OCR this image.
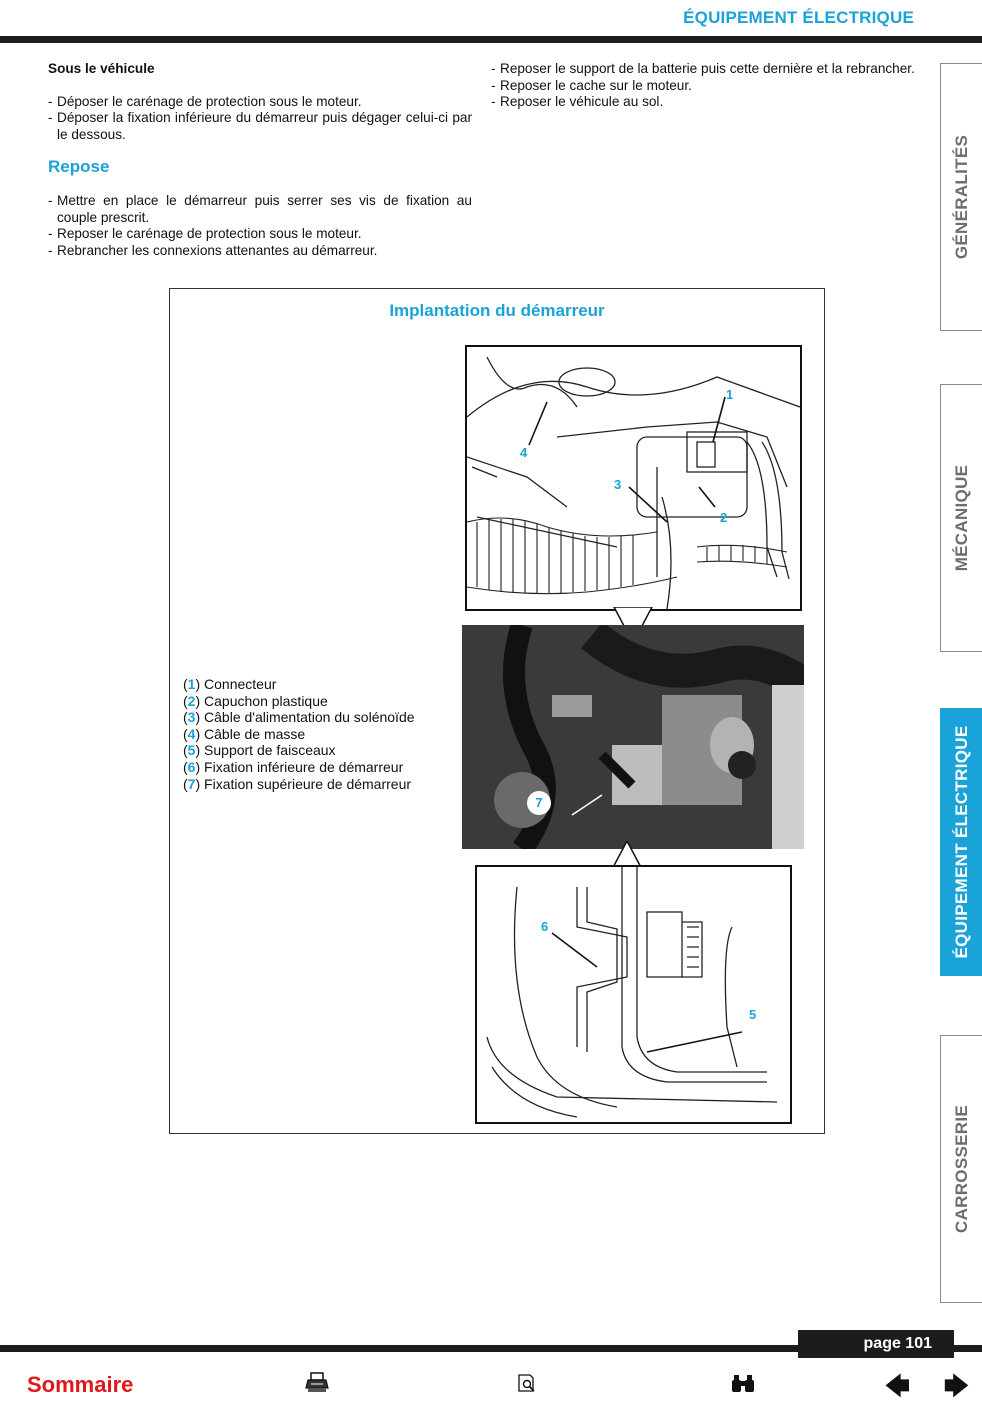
ÉQUIPEMENT ÉLECTRIQUE
Sous le véhicule
- Déposer le carénage de protection sous le moteur.
- Déposer la fixation inférieure du démarreur puis dégager celui-ci par le dessous.
Repose
- Mettre en place le démarreur puis serrer ses vis de fixation au couple prescrit.
- Reposer le carénage de protection sous le moteur.
- Rebrancher les connexions attenantes au démarreur.
- Reposer le support de la batterie puis cette dernière et la rebrancher.
- Reposer le cache sur le moteur.
- Reposer le véhicule au sol.
Implantation du démarreur
(1) Connecteur
(2) Capuchon plastique
(3) Câble d'alimentation du solénoïde
(4) Câble de masse
(5) Support de faisceaux
(6) Fixation inférieure de démarreur
(7) Fixation supérieure de démarreur
1
2
3
4
7
6
5
GÉNÉRALITÉS
MÉCANIQUE
ÉQUIPEMENT ÉLECTRIQUE
CARROSSERIE
page 101
Sommaire	🡄 🡆
